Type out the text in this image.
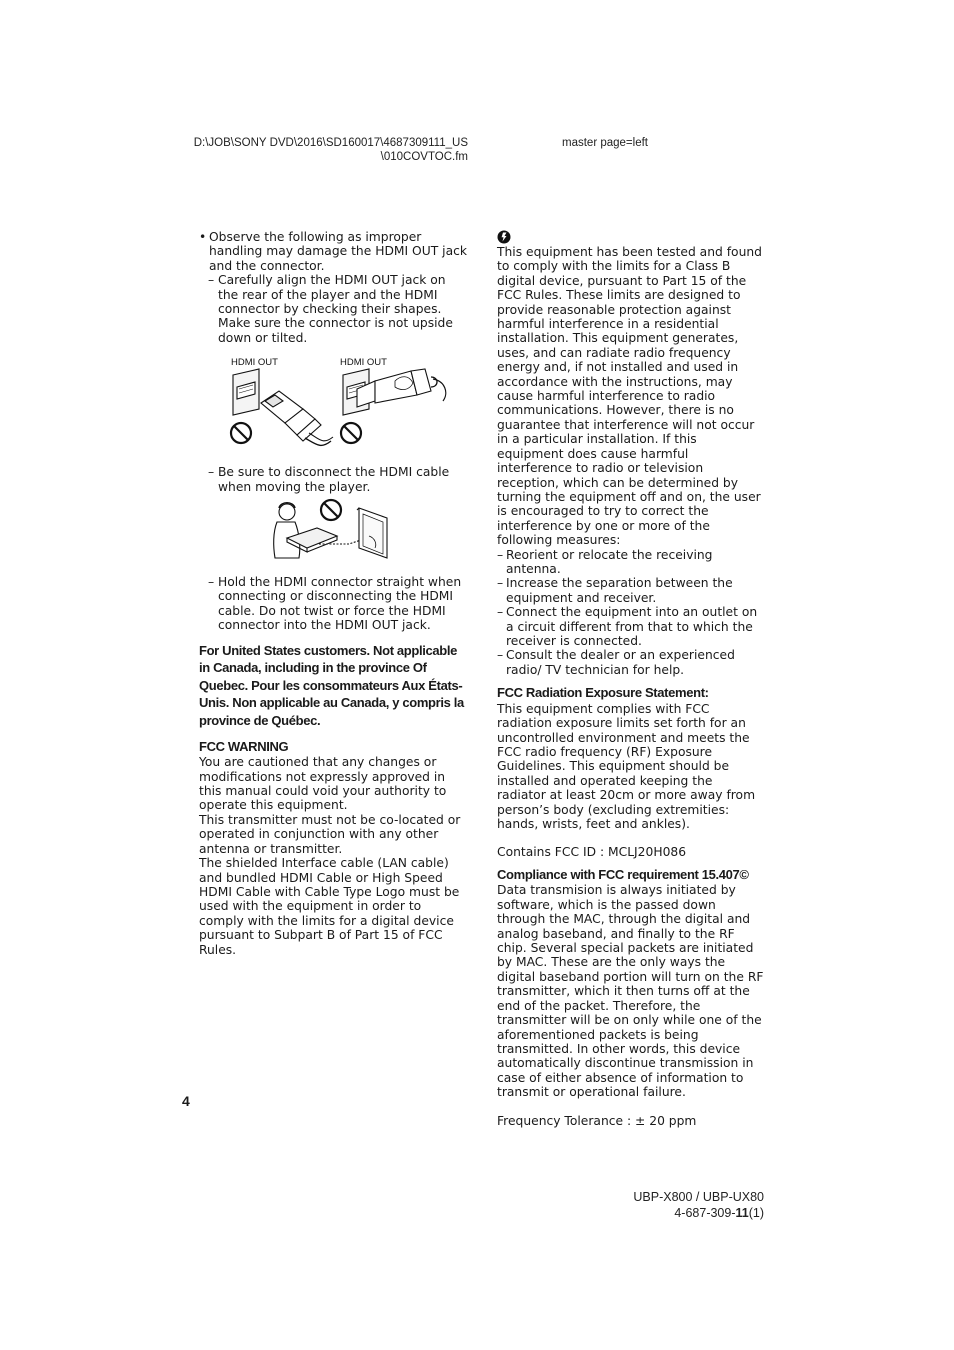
D:\JOB\SONY DVD\2016\SD160017\4687309111_US\010COVTOC.fm
master page=left

• Observe the following as improper handling may damage the HDMI OUT jack and the connector.

– Carefully align the HDMI OUT jack on the rear of the player and the HDMI connector by checking their shapes. Make sure the connector is not upside down or tilted.

HDMI OUT	HDMI OUT

– Be sure to disconnect the HDMI cable when moving the player.

– Hold the HDMI connector straight when connecting or disconnecting the HDMI cable. Do not twist or force the HDMI connector into the HDMI OUT jack.

For United States customers. Not applicable in Canada, including in the province Of Quebec. Pour les consommateurs Aux États-Unis. Non applicable au Canada, y compris la province de Québec.

FCC WARNING

You are cautioned that any changes or modifications not expressly approved in this manual could void your authority to operate this equipment.

This transmitter must not be co-located or operated in conjunction with any other antenna or transmitter.

The shielded Interface cable (LAN cable) and bundled HDMI Cable or High Speed HDMI Cable with Cable Type Logo must be used with the equipment in order to comply with the limits for a digital device pursuant to Subpart B of Part 15 of FCC Rules.

This equipment has been tested and found to comply with the limits for a Class B digital device, pursuant to Part 15 of the FCC Rules. These limits are designed to provide reasonable protection against harmful interference in a residential installation. This equipment generates, uses, and can radiate radio frequency energy and, if not installed and used in accordance with the instructions, may cause harmful interference to radio communications. However, there is no guarantee that interference will not occur in a particular installation. If this equipment does cause harmful interference to radio or television reception, which can be determined by turning the equipment off and on, the user is encouraged to try to correct the interference by one or more of the following measures:

– Reorient or relocate the receiving antenna.

– Increase the separation between the equipment and receiver.

– Connect the equipment into an outlet on a circuit different from that to which the receiver is connected.

– Consult the dealer or an experienced radio/ TV technician for help.

FCC Radiation Exposure Statement:

This equipment complies with FCC radiation exposure limits set forth for an uncontrolled environment and meets the FCC radio frequency (RF) Exposure Guidelines. This equipment should be installed and operated keeping the radiator at least 20cm or more away from person’s body (excluding extremities: hands, wrists, feet and ankles).

Contains FCC ID : MCLJ20H086

Compliance with FCC requirement 15.407©

Data transmision is always initiated by software, which is the passed down through the MAC, through the digital and analog baseband, and finally to the RF chip. Several special packets are initiated by MAC. These are the only ways the digital baseband portion will turn on the RF transmitter, which it then turns off at the end of the packet. Therefore, the transmitter will be on only while one of the aforementioned packets is being transmitted. In other words, this device automatically discontinue transmission in case of either absence of information to transmit or operational failure.

Frequency Tolerance : ± 20 ppm

4
UBP-X800 / UBP-UX80
4-687-309-11(1)
